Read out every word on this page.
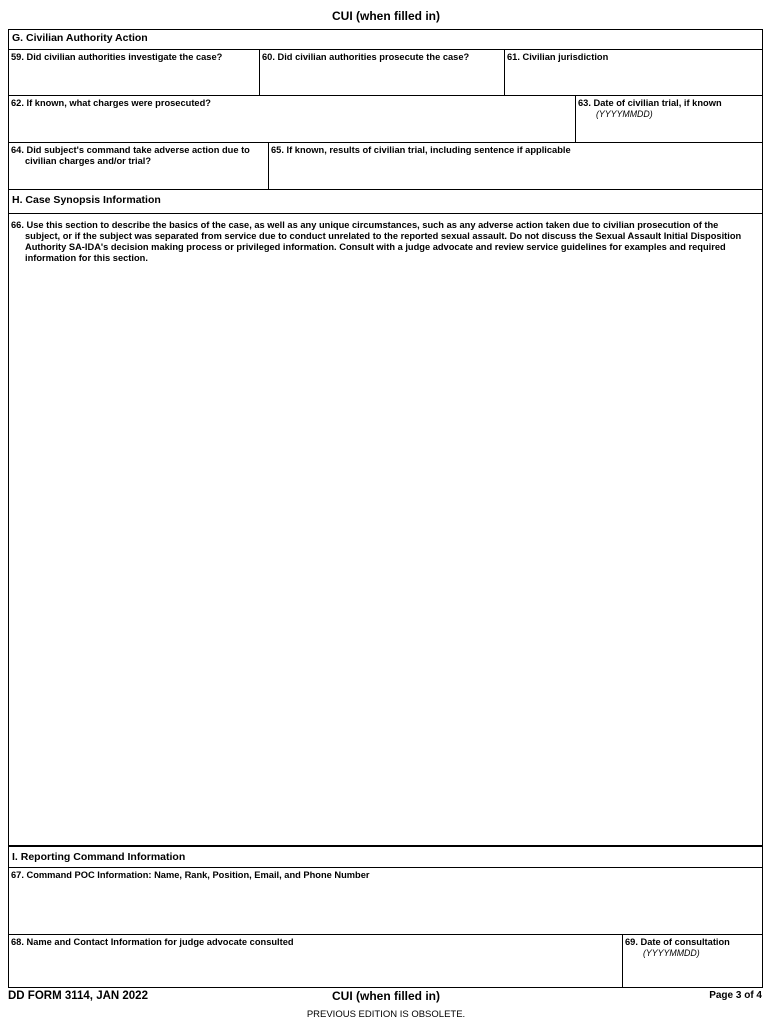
CUI (when filled in)
G. Civilian Authority Action
59. Did civilian authorities investigate the case?	60. Did civilian authorities prosecute the case?	61. Civilian jurisdiction
62. If known, what charges were prosecuted?	63. Date of civilian trial, if known
(YYYYMMDD)
64. Did subject's command take adverse action due to civilian charges and/or trial?
65. If known, results of civilian trial, including sentence if applicable
H. Case Synopsis Information
66. Use this section to describe the basics of the case, as well as any unique circumstances, such as any adverse action taken due to civilian prosecution of the subject, or if the subject was separated from service due to conduct unrelated to the reported sexual assault. Do not discuss the Sexual Assault Initial Disposition Authority SA-IDA's decision making process or privileged information. Consult with a judge advocate and review service guidelines for examples and required information for this section.
I. Reporting Command Information
67. Command POC Information: Name, Rank, Position, Email, and Phone Number
68. Name and Contact Information for judge advocate consulted	69. Date of consultation
(YYYYMMDD)
DD FORM 3114, JAN 2022	CUI (when filled in)	Page 3 of 4
PREVIOUS EDITION IS OBSOLETE.
